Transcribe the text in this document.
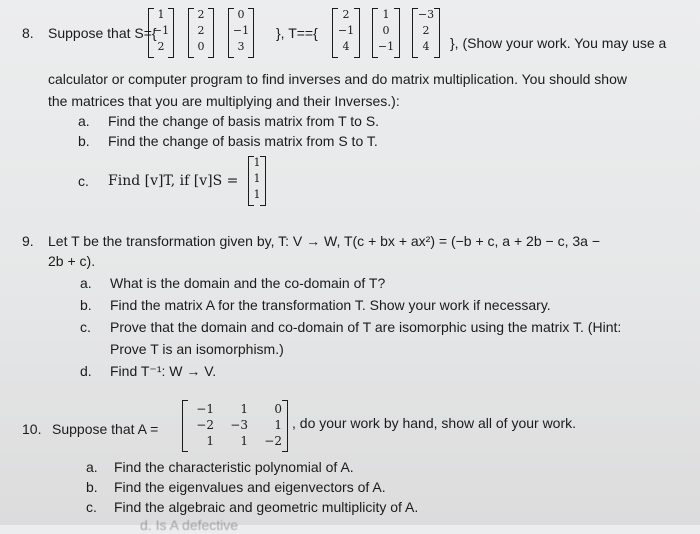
8. Suppose that S={
1
−1
2
2
2
0
0
−1
3
}, T=={
2
−1
4
1
0
−1
−3
2
4	}, (Show your work. You may use a
calculator or computer program to find inverses and do matrix multiplication. You should show
the matrices that you are multiplying and their Inverses.):
a. Find the change of basis matrix from T to S.
b. Find the change of basis matrix from S to T.
c. Find [v]T, if [v]S =
1
1
1
9. Let T be the transformation given by, T: V → W, T(c + bx + ax²) = (−b + c, a + 2b − c, 3a −
2b + c).
a. What is the domain and the co-domain of T?
b. Find the matrix A for the transformation T. Show your work if necessary.
c. Prove that the domain and co-domain of T are isomorphic using the matrix T. (Hint:
Prove T is an isomorphism.)
d. Find T⁻¹: W → V.
10. Suppose that A =
−1	1	0
−2	−3	1
1	1	−2
, do your work by hand, show all of your work.
a. Find the characteristic polynomial of A.
b. Find the eigenvalues and eigenvectors of A.
c. Find the algebraic and geometric multiplicity of A.
d. Is A defective
